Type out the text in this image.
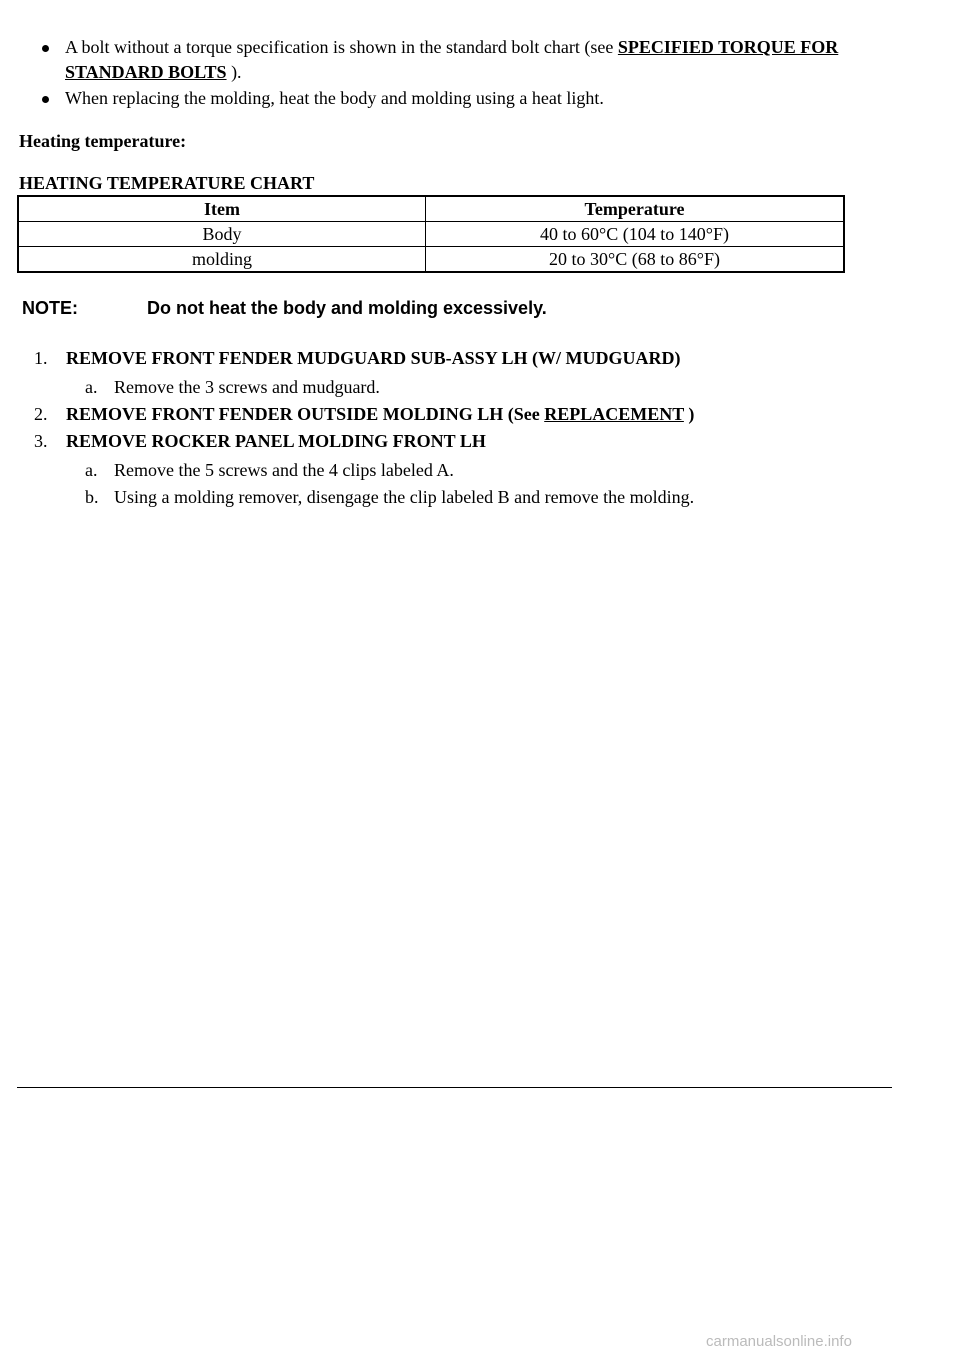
A bolt without a torque specification is shown in the standard bolt chart (see SPECIFIED TORQUE FOR STANDARD BOLTS ).
When replacing the molding, heat the body and molding using a heat light.
Heating temperature:
HEATING TEMPERATURE CHART
Item	Temperature
Body	40 to 60°C (104 to 140°F)
molding	20 to 30°C (68 to 86°F)
NOTE:	Do not heat the body and molding excessively.
1. REMOVE FRONT FENDER MUDGUARD SUB-ASSY LH (W/ MUDGUARD)
a. Remove the 3 screws and mudguard.
2. REMOVE FRONT FENDER OUTSIDE MOLDING LH (See REPLACEMENT )
3. REMOVE ROCKER PANEL MOLDING FRONT LH
a. Remove the 5 screws and the 4 clips labeled A.
b. Using a molding remover, disengage the clip labeled B and remove the molding.
carmanualsonline.info
